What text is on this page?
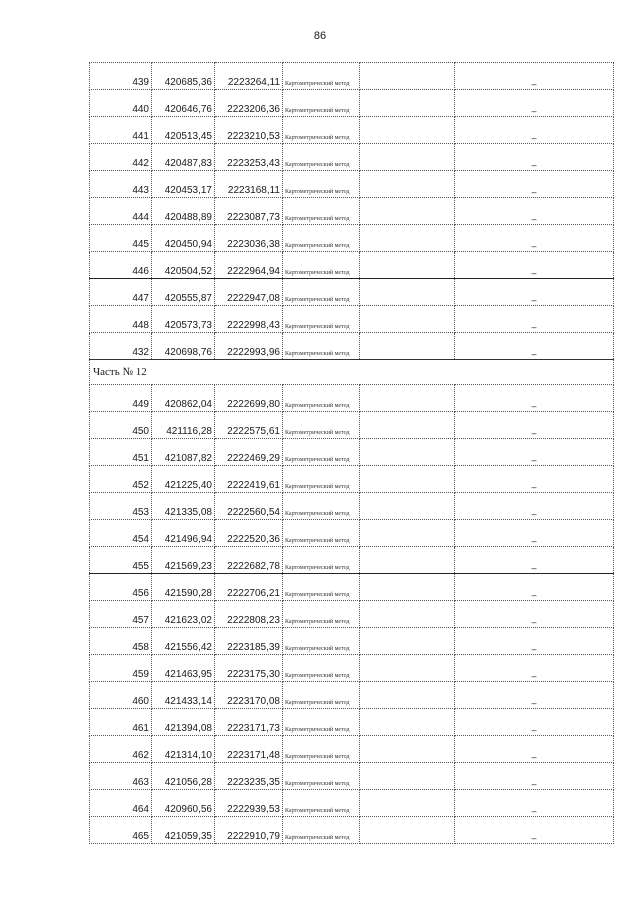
86
439	420685,36	2223264,11	Картометрический метод		–
440	420646,76	2223206,36	Картометрический метод		–
441	420513,45	2223210,53	Картометрический метод		–
442	420487,83	2223253,43	Картометрический метод		–
443	420453,17	2223168,11	Картометрический метод		–
444	420488,89	2223087,73	Картометрический метод		–
445	420450,94	2223036,38	Картометрический метод		–
446	420504,52	2222964,94	Картометрический метод		–
447	420555,87	2222947,08	Картометрический метод		–
448	420573,73	2222998,43	Картометрический метод		–
432	420698,76	2222993,96	Картометрический метод		–
Часть № 12					
449	420862,04	2222699,80	Картометрический метод		–
450	421116,28	2222575,61	Картометрический метод		–
451	421087,82	2222469,29	Картометрический метод		–
452	421225,40	2222419,61	Картометрический метод		–
453	421335,08	2222560,54	Картометрический метод		–
454	421496,94	2222520,36	Картометрический метод		–
455	421569,23	2222682,78	Картометрический метод		–
456	421590,28	2222706,21	Картометрический метод		–
457	421623,02	2222808,23	Картометрический метод		–
458	421556,42	2223185,39	Картометрический метод		–
459	421463,95	2223175,30	Картометрический метод		–
460	421433,14	2223170,08	Картометрический метод		–
461	421394,08	2223171,73	Картометрический метод		–
462	421314,10	2223171,48	Картометрический метод		–
463	421056,28	2223235,35	Картометрический метод		–
464	420960,56	2222939,53	Картометрический метод		–
465	421059,35	2222910,79	Картометрический метод		–
